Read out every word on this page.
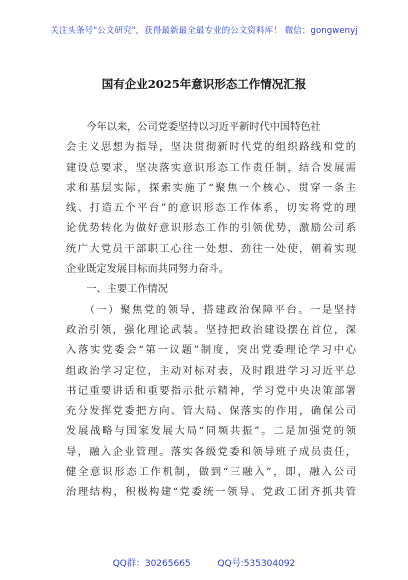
关注头条号"公文研究"，获得最新最全最专业的公文资料库！ 微信：gongwenyj
国有企业2025年意识形态工作情况汇报
　　今年以来，公司党委坚持以习近平新时代中国特色社
会主义思想为指导，坚决贯彻新时代党的组织路线和党的
建设总要求，坚决落实意识形态工作责任制，结合发展需
求和基层实际，探索实施了“聚焦一个核心、贯穿一条主
线、打造五个平台”的意识形态工作体系，切实将党的理
论优势转化为做好意识形态工作的引领优势，激励公司系
统广大党员干部职工心往一处想、劲往一处使，朝着实现
企业既定发展目标而共同努力奋斗。
　　一、主要工作情况
　　（一）聚焦党的领导，搭建政治保障平台。一是坚持
政治引领，强化理论武装。坚持把政治建设摆在首位，深
入落实党委会“第一议题”制度，突出党委理论学习中心
组政治学习定位，主动对标对表，及时跟进学习习近平总
书记重要讲话和重要指示批示精神，学习党中央决策部署
充分发挥党委把方向、管大局、保落实的作用，确保公司
发展战略与国家发展大局“同频共振”。二是加强党的领
导，融入企业管理。落实各级党委和领导班子成员责任，
健全意识形态工作机制，做到“三融入”，即，融入公司
治理结构，积极构建“党委统一领导、党政工团齐抓共管
QQ群：30265665	QQ号:535304092
